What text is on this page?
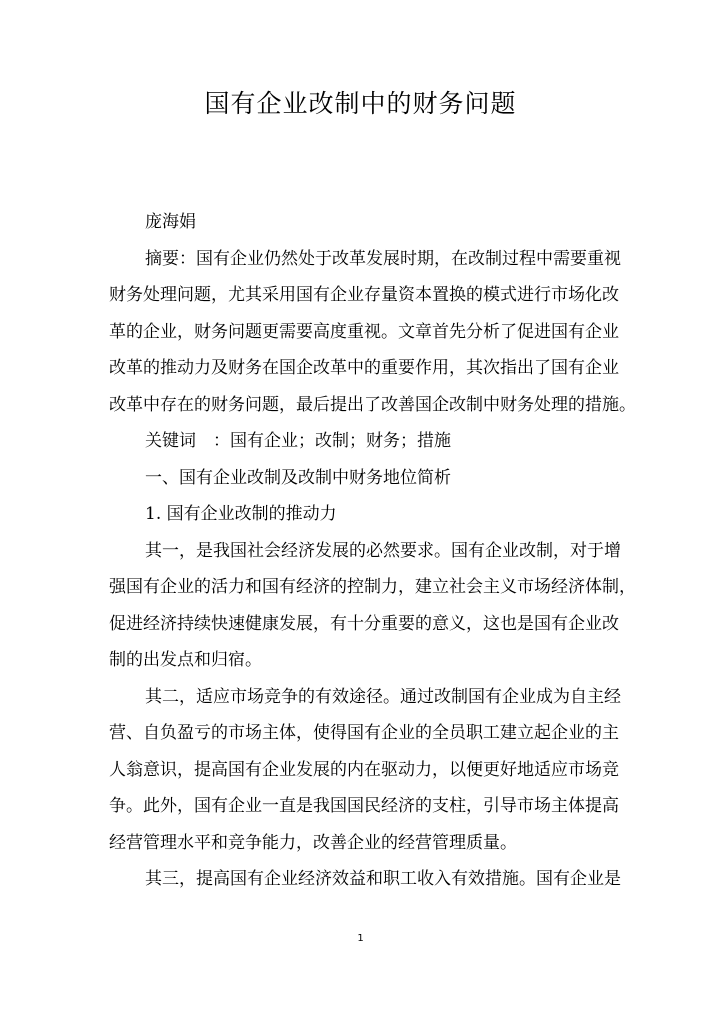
国有企业改制中的财务问题
庞海娟
摘要：国有企业仍然处于改革发展时期，在改制过程中需要重视
财务处理问题，尤其采用国有企业存量资本置换的模式进行市场化改
革的企业，财务问题更需要高度重视。文章首先分析了促进国有企业
改革的推动力及财务在国企改革中的重要作用，其次指出了国有企业
改革中存在的财务问题，最后提出了改善国企改制中财务处理的措施。
关键词　：国有企业；改制；财务；措施
一、国有企业改制及改制中财务地位简析
1. 国有企业改制的推动力
其一，是我国社会经济发展的必然要求。国有企业改制，对于增
强国有企业的活力和国有经济的控制力，建立社会主义市场经济体制，
促进经济持续快速健康发展，有十分重要的意义，这也是国有企业改
制的出发点和归宿。
其二，适应市场竞争的有效途径。通过改制国有企业成为自主经
营、自负盈亏的市场主体，使得国有企业的全员职工建立起企业的主
人翁意识，提高国有企业发展的内在驱动力，以便更好地适应市场竞
争。此外，国有企业一直是我国国民经济的支柱，引导市场主体提高
经营管理水平和竞争能力，改善企业的经营管理质量。
其三，提高国有企业经济效益和职工收入有效措施。国有企业是
1
